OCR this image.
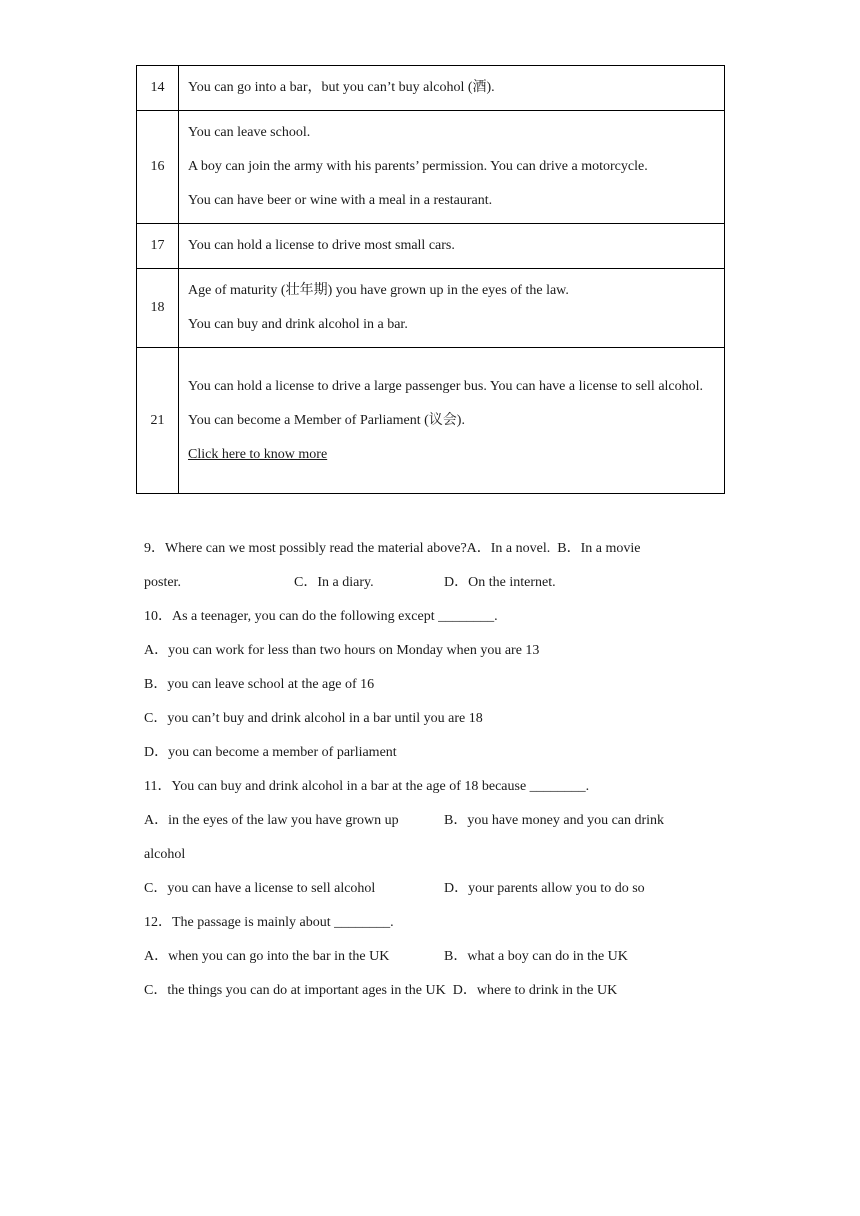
14	You can go into a bar，but you can’t buy alcohol (酒).

16	You can leave school.
A boy can join the army with his parents’ permission. You can drive a motorcycle.
You can have beer or wine with a meal in a restaurant.

17	You can hold a license to drive most small cars.

18	Age of maturity (壮年期) you have grown up in the eyes of the law.
You can buy and drink alcohol in a bar.

21	You can hold a license to drive a large passenger bus. You can have a license to sell alcohol.
You can become a Member of Parliament (议会).
Click here to know more
9．Where can we most possibly read the material above?A．In a novel. B．In a movie
poster.	C．In a diary.	D．On the internet.
10．As a teenager, you can do the following except ________.
A．you can work for less than two hours on Monday when you are 13
B．you can leave school at the age of 16
C．you can’t buy and drink alcohol in a bar until you are 18
D．you can become a member of parliament
11．You can buy and drink alcohol in a bar at the age of 18 because ________.
A．in the eyes of the law you have grown up	B．you have money and you can drink
alcohol
C．you can have a license to sell alcohol	D．your parents allow you to do so
12．The passage is mainly about ________.
A．when you can go into the bar in the UK	B．what a boy can do in the UK
C．the things you can do at important ages in the UK D．where to drink in the UK
